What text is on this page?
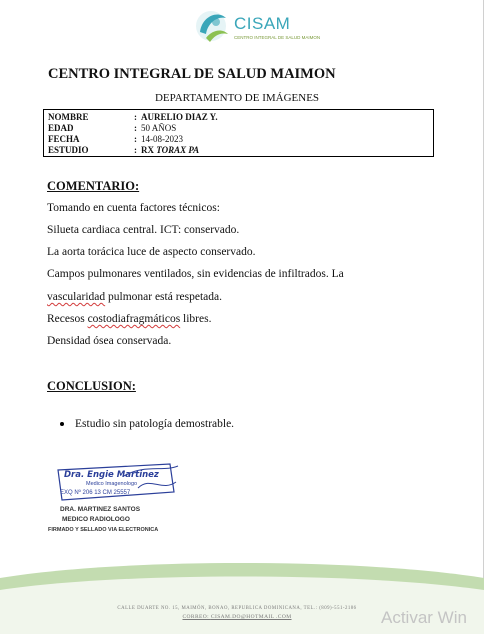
CISAM
CENTRO INTEGRAL DE SALUD MAIMON
CENTRO INTEGRAL DE SALUD MAIMON
DEPARTAMENTO DE IMÁGENES
NOMBRE	: AURELIO DIAZ Y.
EDAD	: 50 AÑOS
FECHA	: 14-08-2023
ESTUDIO	: RX TORAX PA
COMENTARIO:
Tomando en cuenta factores técnicos:
Silueta cardiaca central. ICT: conservado.
La aorta torácica luce de aspecto conservado.
Campos pulmonares ventilados, sin evidencias de infiltrados. La
vascularidad pulmonar está respetada.
Recesos costodiafragmáticos libres.
Densidad ósea conservada.
CONCLUSION:
Estudio sin patología demostrable.
Dra. Engie Martinez
Medico Imagenologo
EXQ Nº 206 13 CM 25557
DRA. MARTINEZ SANTOS
MEDICO RADIOLOGO
FIRMADO Y SELLADO VIA ELECTRONICA
CALLE DUARTE NO. 15, MAIMÓN, BONAO, REPUBLICA DOMINICANA, TEL.: (809)-551-2186
CORREO: CISAM.DO@HOTMAIL .COM	Activar Win
